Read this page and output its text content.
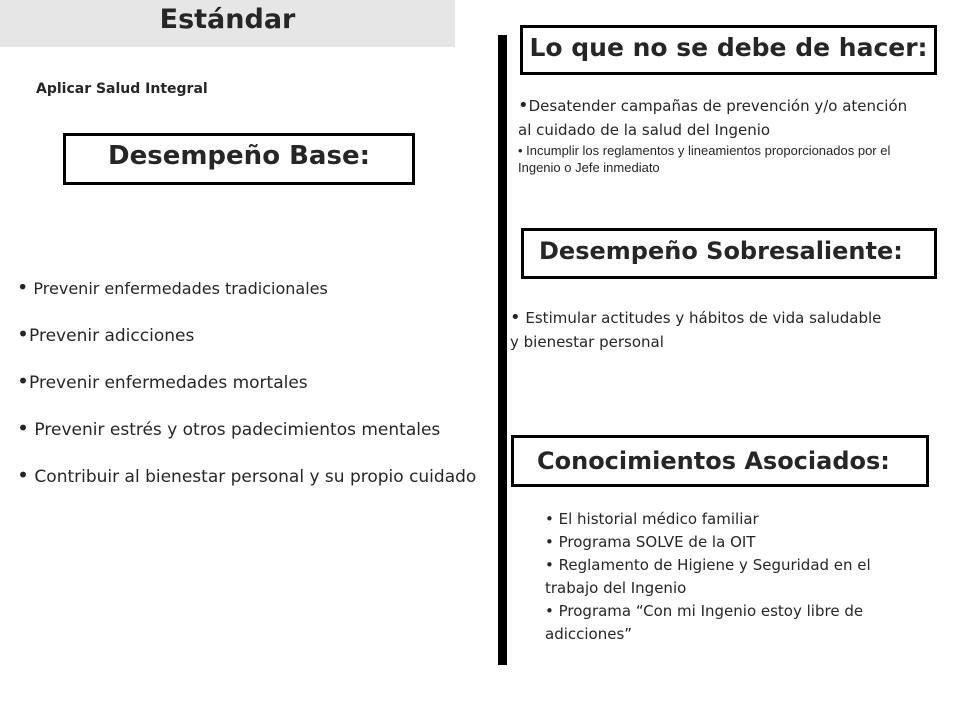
Estándar
Aplicar Salud Integral
Desempeño Base:
• Prevenir enfermedades tradicionales
•Prevenir adicciones
•Prevenir enfermedades mortales
• Prevenir estrés y otros padecimientos mentales
• Contribuir al bienestar personal y su propio cuidado
Lo que no se debe de hacer:
•Desatender campañas de prevención y/o atención al cuidado de la salud del Ingenio
• Incumplir los reglamentos y lineamientos proporcionados por el Ingenio o Jefe inmediato
Desempeño Sobresaliente:
• Estimular actitudes y hábitos de vida saludable y bienestar personal
Conocimientos Asociados:
• El historial médico familiar
• Programa SOLVE de la OIT
• Reglamento de Higiene y Seguridad en el trabajo del Ingenio
• Programa “Con mi Ingenio estoy libre de adicciones”
